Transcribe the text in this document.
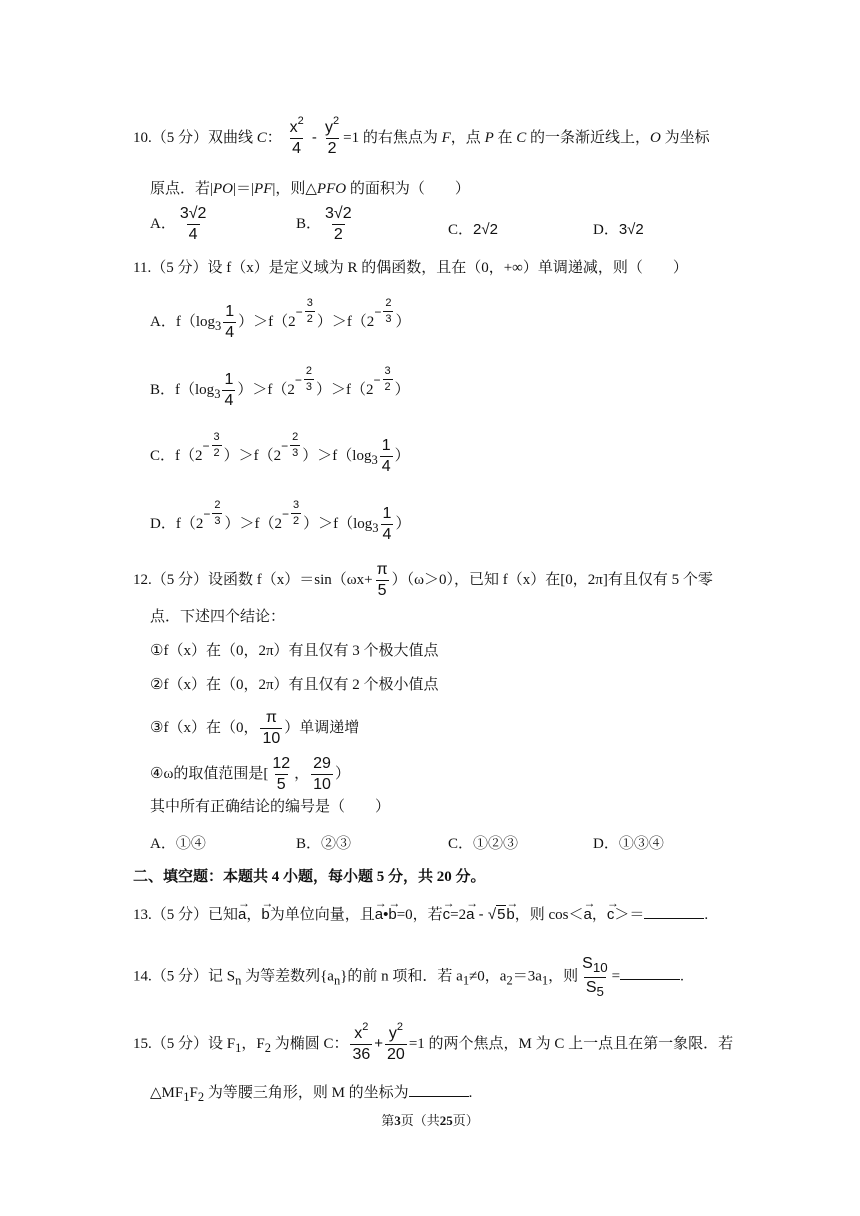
10.（5 分）双曲线 C： $\frac{x^2}{4} - \frac{y^2}{2} =1$ 的右焦点为 F，点 P 在 C 的一条渐近线上，O 为坐标
原点．若|PO|＝|PF|，则△PFO 的面积为（　　）
A． $\frac{3√2}{4}$	B． $\frac{3√2}{2}$	C．2√2	D．3√2
11.（5 分）设 f（x）是定义域为 R 的偶函数，且在（0，+∞）单调递减，则（　　）
A．$f(\log_3 \frac{1}{4} )>f(2- \frac{3}{2} )>f(2- \frac{2}{3}$ ）
B．$f(\log_3 \frac{1}{4} )>f(2- \frac{2}{3} )>f(2- \frac{3}{2}$ ）
C．$f(2- \frac{3}{2} )>f(2- \frac{2}{3} )>f(\log_3 \frac{1}{4}$ ）
D．$f(2- \frac{2}{3} )>f(2- \frac{3}{2} )>f(\log_3 \frac{1}{4}$ ）
12.（5 分）设函数 $f(x)=\sin(\omega x+ \frac{\pi}{5} )(\omega>0)$，已知 f（x）在[0，2π]有且仅有 5 个零
点．下述四个结论：
①f（x）在（0，2π）有且仅有 3 个极大值点
②f（x）在（0，2π）有且仅有 2 个极小值点
③f（x）在（0， $\frac{\pi}{10}$ ）单调递增
④ω的取值范围是[ $\frac{12}{5}$ ， $\frac{29}{10}$ ）
其中所有正确结论的编号是（　　）
A．①④	B．②③	C．①②③	D．①③④
二、填空题：本题共 4 小题，每小题 5 分，共 20 分。
13.（5 分）已知→ a，→ b为单位向量，且→ a•→ b=0，若→ c=2→ a - √5→ b，则 cos＜→ a，→ c＞＝	.
14.（5 分）记 $S_n$ 为等差数列$\{a_n\}$的前 n 项和．若 $a_1\ne 0$，$a_2=3a_1$，则 $\frac{S_{10}}{S_5}$ =	.
15.（5 分）设 $F_1$，$F_2$ 为椭圆 C： $\frac{x^2}{36} + \frac{y^2}{20} =1$ 的两个焦点，M 为 C 上一点且在第一象限．若
$\triangle MF_1F_2$ 为等腰三角形，则 M 的坐标为	.
第3页（共25页）
